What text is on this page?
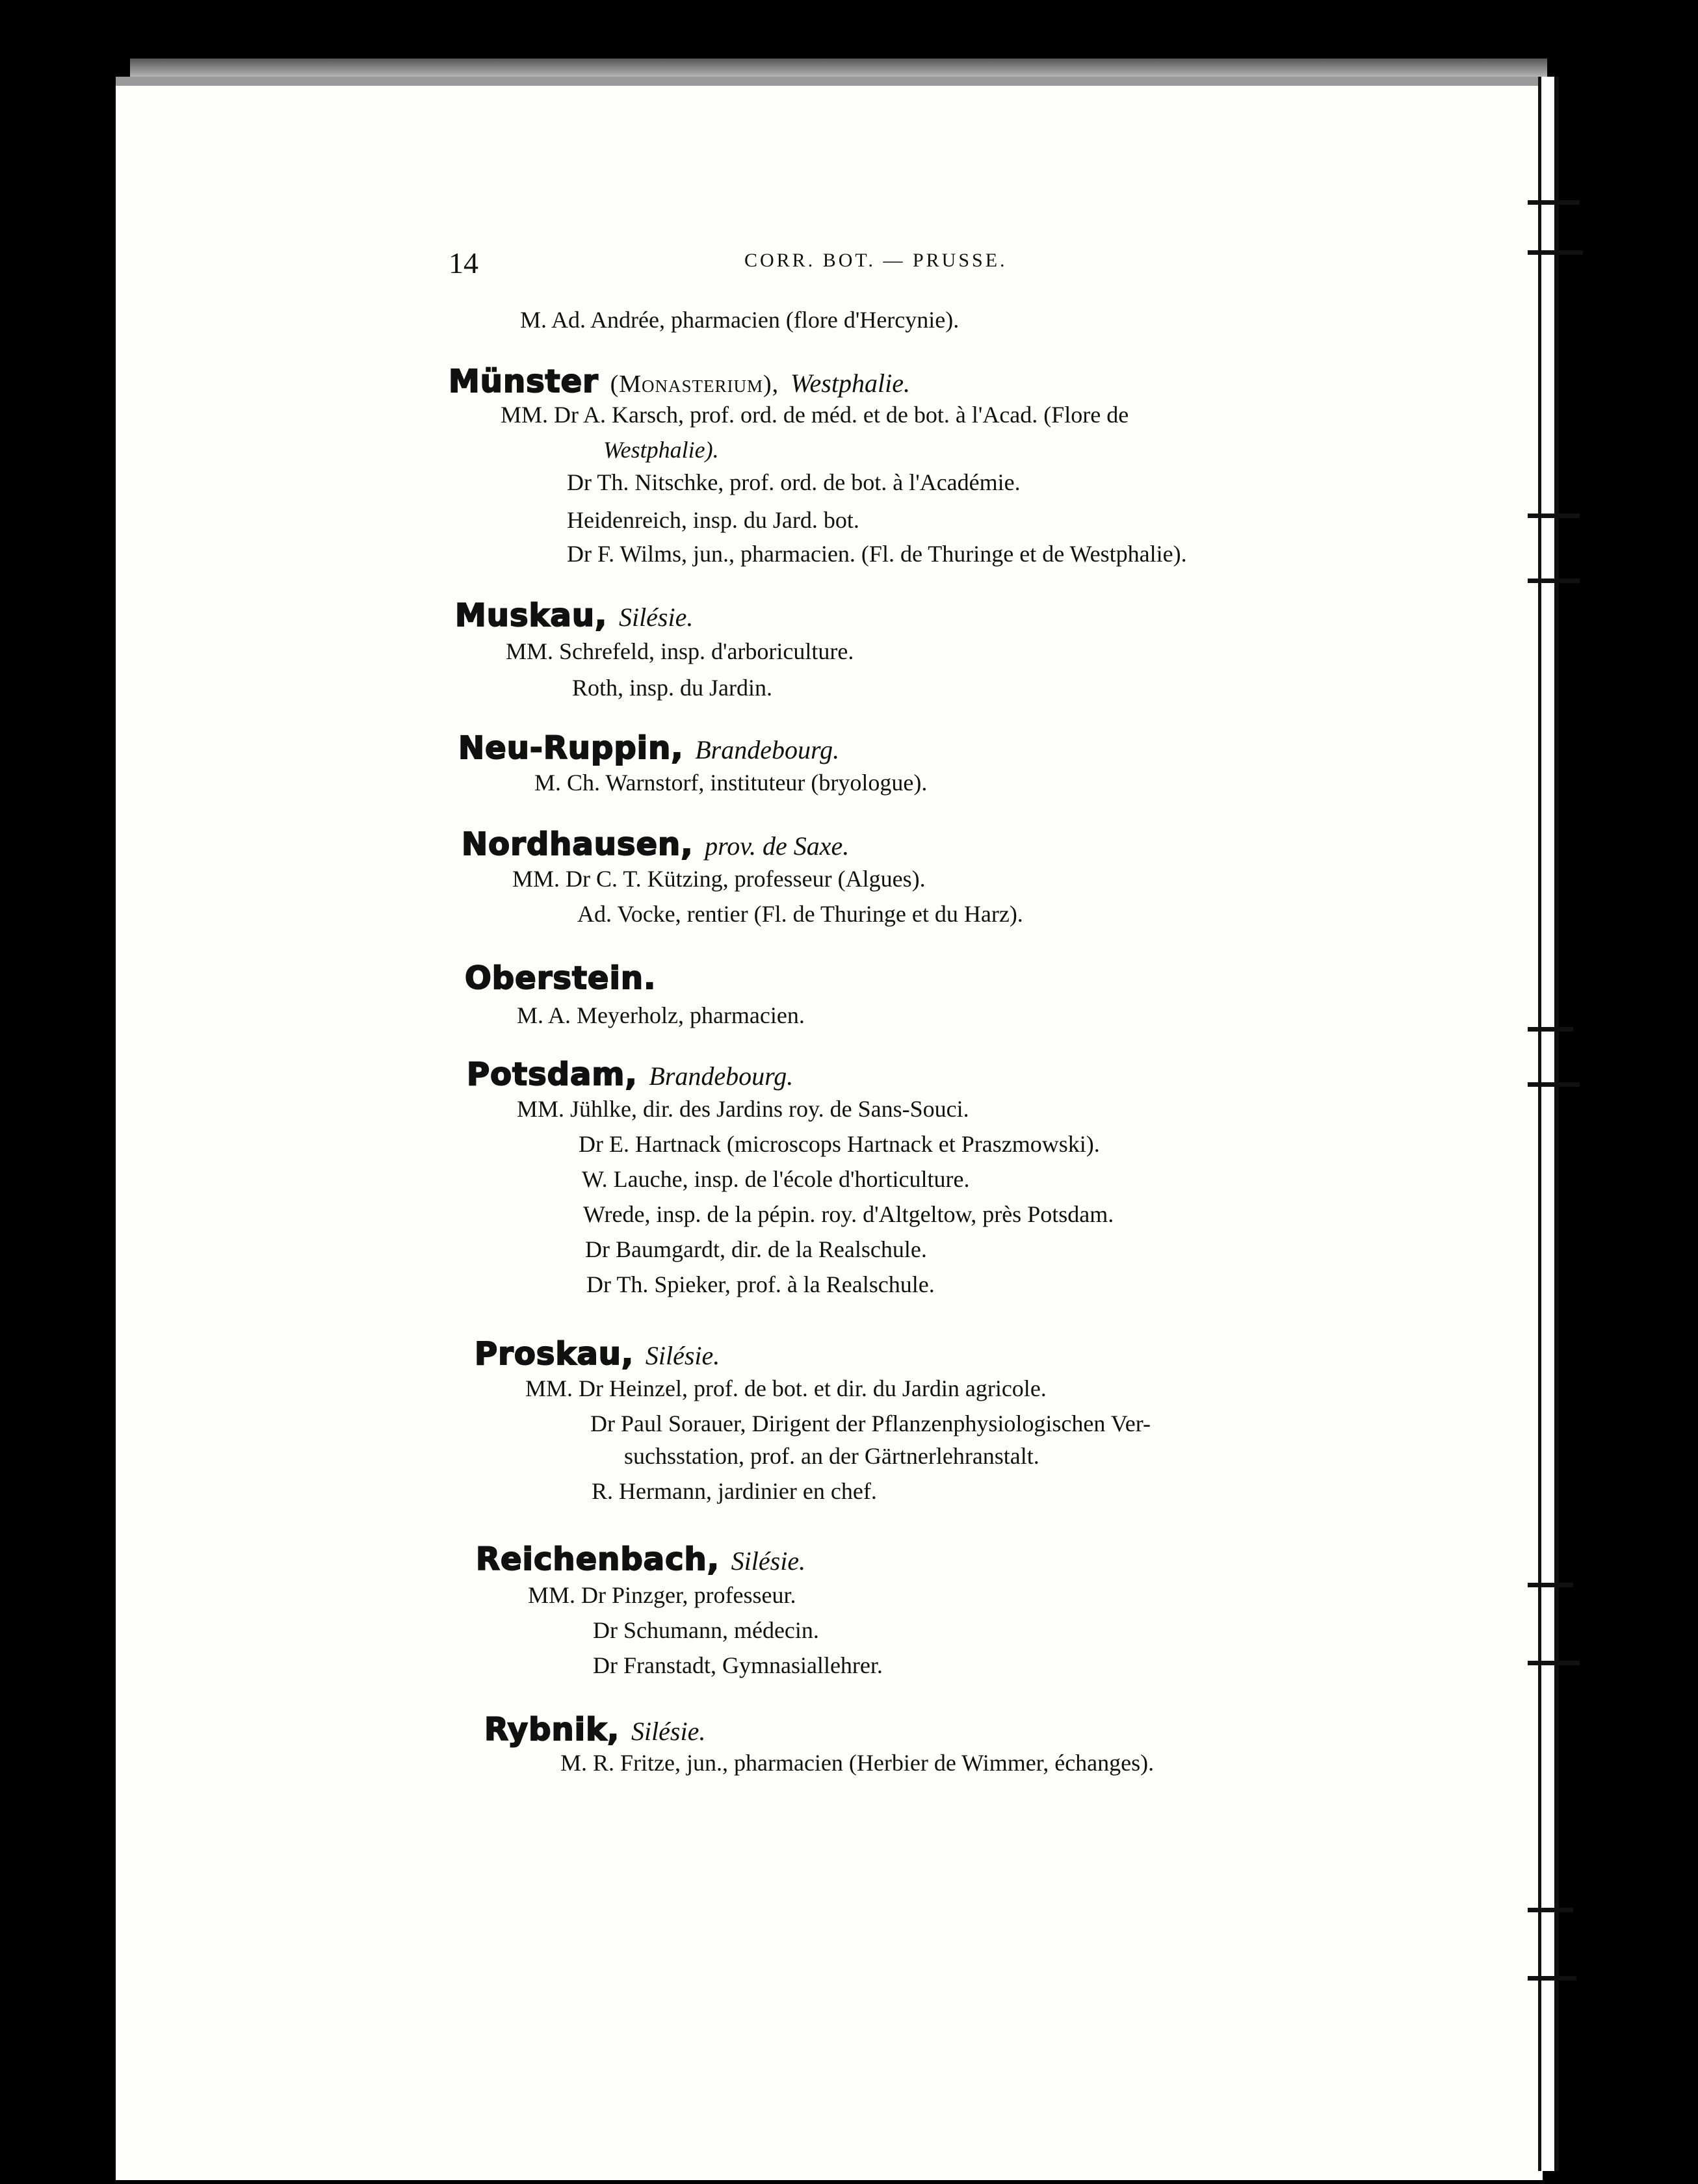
14	CORR. BOT. — PRUSSE.
M. Ad. Andrée, pharmacien (flore d'Hercynie).
Münster (Monasterium), Westphalie.
MM. Dr A. Karsch, prof. ord. de méd. et de bot. à l'Acad. (Flore de
Westphalie).
Dr Th. Nitschke, prof. ord. de bot. à l'Académie.
Heidenreich, insp. du Jard. bot.
Dr F. Wilms, jun., pharmacien. (Fl. de Thuringe et de Westphalie).
Muskau, Silésie.
MM. Schrefeld, insp. d'arboriculture.
Roth, insp. du Jardin.
Neu-Ruppin, Brandebourg.
M. Ch. Warnstorf, instituteur (bryologue).
Nordhausen, prov. de Saxe.
MM. Dr C. T. Kützing, professeur (Algues).
Ad. Vocke, rentier (Fl. de Thuringe et du Harz).
Oberstein.
M. A. Meyerholz, pharmacien.
Potsdam, Brandebourg.
MM. Jühlke, dir. des Jardins roy. de Sans-Souci.
Dr E. Hartnack (microscops Hartnack et Praszmowski).
W. Lauche, insp. de l'école d'horticulture.
Wrede, insp. de la pépin. roy. d'Altgeltow, près Potsdam.
Dr Baumgardt, dir. de la Realschule.
Dr Th. Spieker, prof. à la Realschule.
Proskau, Silésie.
MM. Dr Heinzel, prof. de bot. et dir. du Jardin agricole.
Dr Paul Sorauer, Dirigent der Pflanzenphysiologischen Ver-
suchsstation, prof. an der Gärtnerlehranstalt.
R. Hermann, jardinier en chef.
Reichenbach, Silésie.
MM. Dr Pinzger, professeur.
Dr Schumann, médecin.
Dr Franstadt, Gymnasiallehrer.
Rybnik, Silésie.
M. R. Fritze, jun., pharmacien (Herbier de Wimmer, échanges).
